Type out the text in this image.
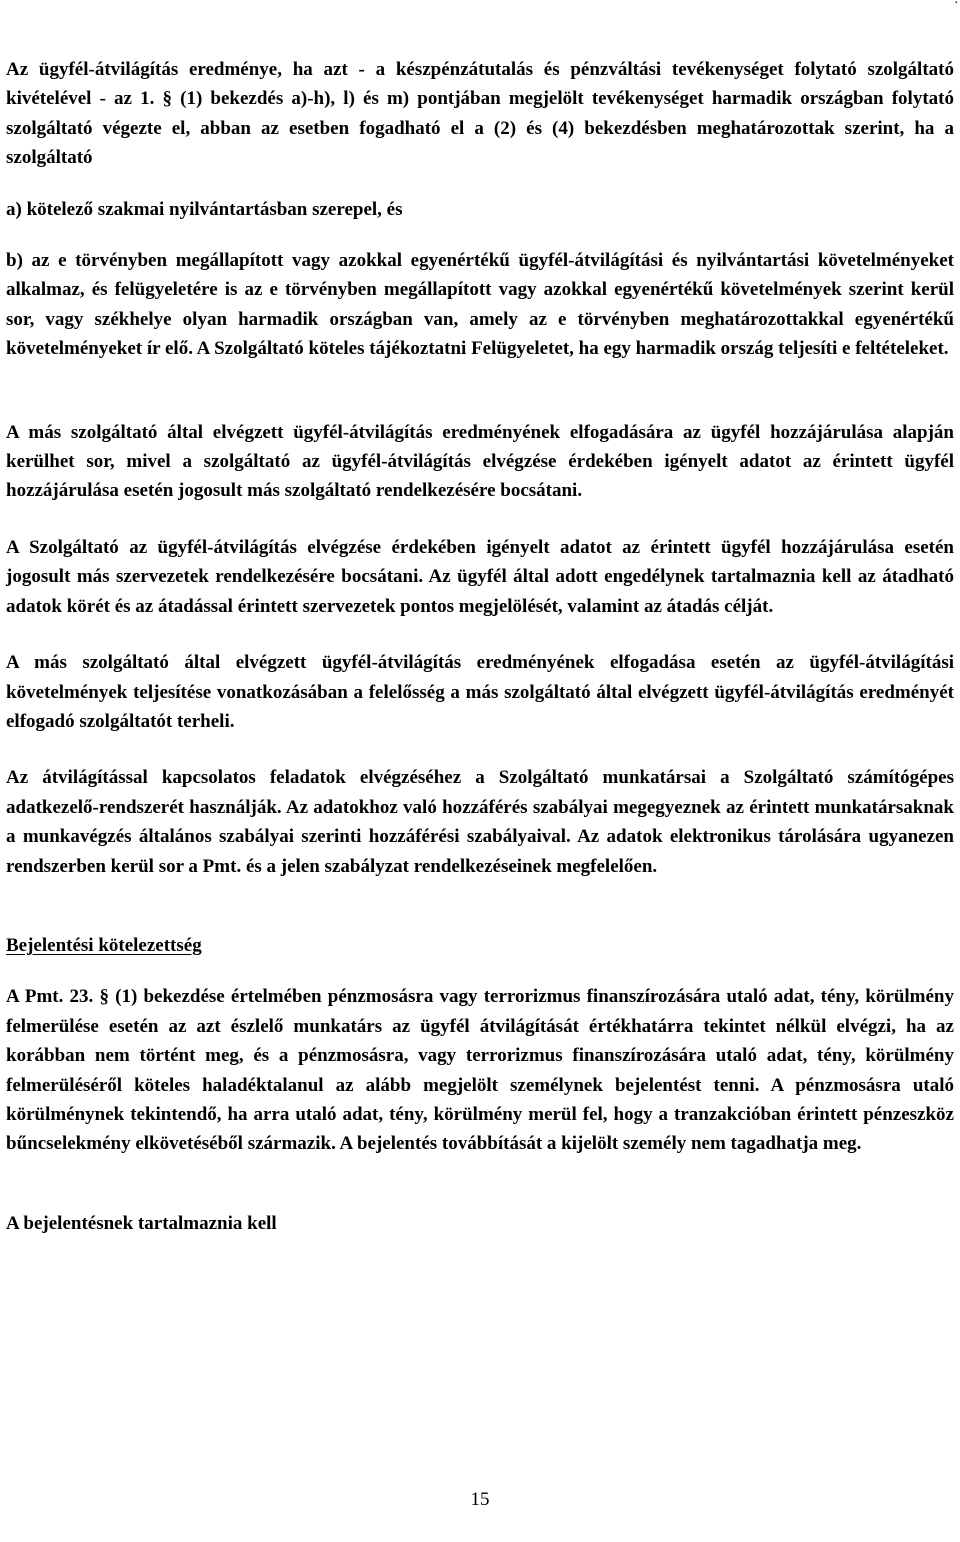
Az ügyfél-átvilágítás eredménye, ha azt - a készpénzátutalás és pénzváltási tevékenységet folytató szolgáltató kivételével - az 1. § (1) bekezdés a)-h), l) és m) pontjában megjelölt tevékenységet harmadik országban folytató szolgáltató végezte el, abban az esetben fogadható el a (2) és (4) bekezdésben meghatározottak szerint, ha a szolgáltató

a) kötelező szakmai nyilvántartásban szerepel, és

b) az e törvényben megállapított vagy azokkal egyenértékű ügyfél-átvilágítási és nyilvántartási követelményeket alkalmaz, és felügyeletére is az e törvényben megállapított vagy azokkal egyenértékű követelmények szerint kerül sor, vagy székhelye olyan harmadik országban van, amely az e törvényben meghatározottakkal egyenértékű követelményeket ír elő. A Szolgáltató köteles tájékoztatni Felügyeletet, ha egy harmadik ország teljesíti e feltételeket.

A más szolgáltató által elvégzett ügyfél-átvilágítás eredményének elfogadására az ügyfél hozzájárulása alapján kerülhet sor, mivel a szolgáltató az ügyfél-átvilágítás elvégzése érdekében igényelt adatot az érintett ügyfél hozzájárulása esetén jogosult más szolgáltató rendelkezésére bocsátani.

A Szolgáltató az ügyfél-átvilágítás elvégzése érdekében igényelt adatot az érintett ügyfél hozzájárulása esetén jogosult más szervezetek rendelkezésére bocsátani. Az ügyfél által adott engedélynek tartalmaznia kell az átadható adatok körét és az átadással érintett szervezetek pontos megjelölését, valamint az átadás célját.

A más szolgáltató által elvégzett ügyfél-átvilágítás eredményének elfogadása esetén az ügyfél-átvilágítási követelmények teljesítése vonatkozásában a felelősség a más szolgáltató által elvégzett ügyfél-átvilágítás eredményét elfogadó szolgáltatót terheli.

Az átvilágítással kapcsolatos feladatok elvégzéséhez a Szolgáltató munkatársai a Szolgáltató számítógépes adatkezelő-rendszerét használják. Az adatokhoz való hozzáférés szabályai megegyeznek az érintett munkatársaknak a munkavégzés általános szabályai szerinti hozzáférési szabályaival. Az adatok elektronikus tárolására ugyanezen rendszerben kerül sor a Pmt. és a jelen szabályzat rendelkezéseinek megfelelően.

Bejelentési kötelezettség

A Pmt. 23. § (1) bekezdése értelmében pénzmosásra vagy terrorizmus finanszírozására utaló adat, tény, körülmény felmerülése esetén az azt észlelő munkatárs az ügyfél átvilágítását értékhatárra tekintet nélkül elvégzi, ha az korábban nem történt meg, és a pénzmosásra, vagy terrorizmus finanszírozására utaló adat, tény, körülmény felmerüléséről köteles haladéktalanul az alább megjelölt személynek bejelentést tenni. A pénzmosásra utaló körülménynek tekintendő, ha arra utaló adat, tény, körülmény merül fel, hogy a tranzakcióban érintett pénzeszköz bűncselekmény elkövetéséből származik. A bejelentés továbbítását a kijelölt személy nem tagadhatja meg.

A bejelentésnek tartalmaznia kell

15
